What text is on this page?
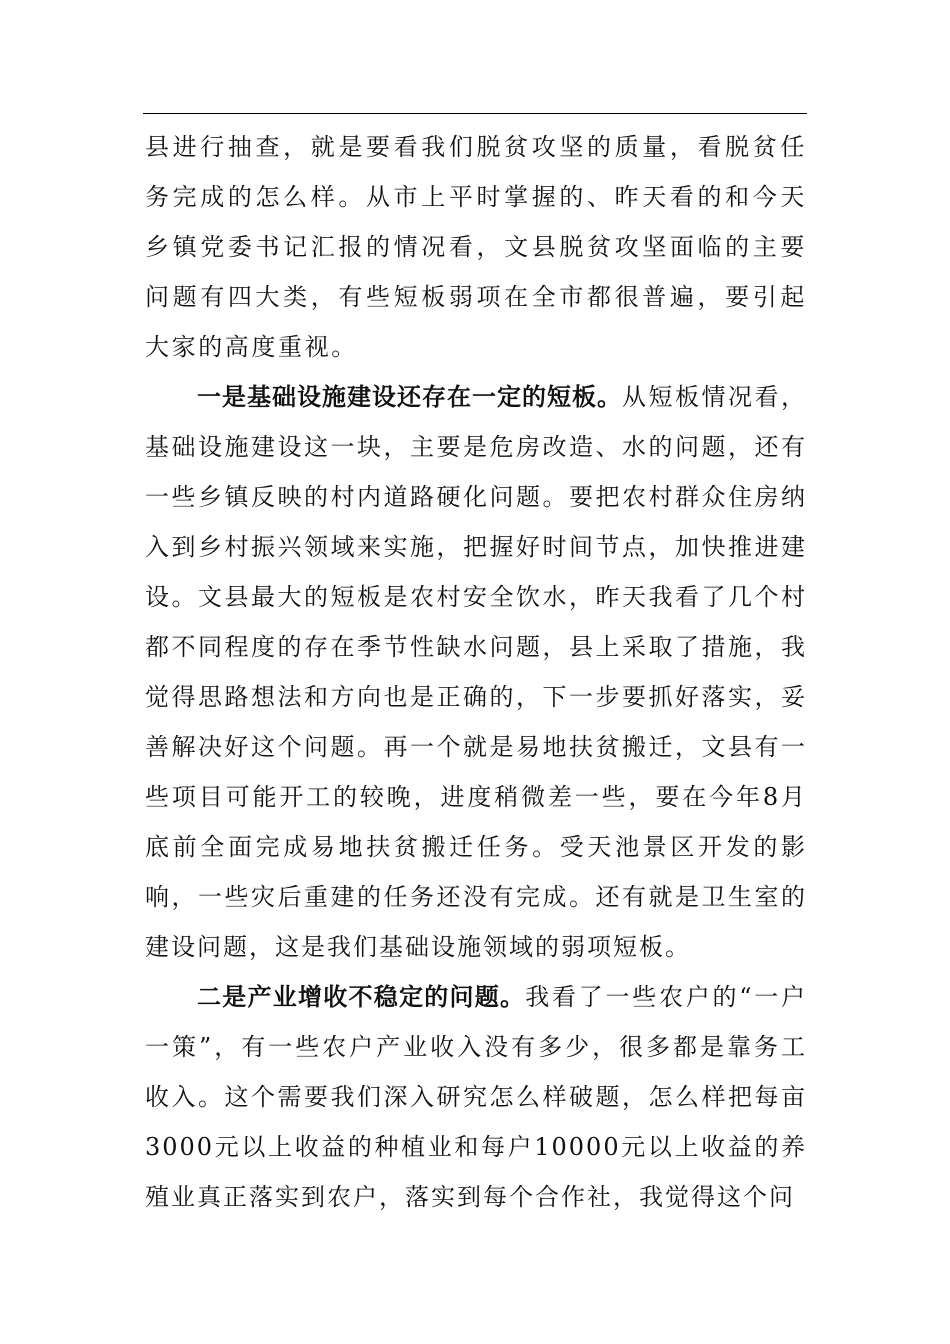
县进行抽查，就是要看我们脱贫攻坚的质量，看脱贫任务完成的怎么样。从市上平时掌握的、昨天看的和今天乡镇党委书记汇报的情况看，文县脱贫攻坚面临的主要问题有四大类，有些短板弱项在全市都很普遍，要引起大家的高度重视。

一是基础设施建设还存在一定的短板。从短板情况看，基础设施建设这一块，主要是危房改造、水的问题，还有一些乡镇反映的村内道路硬化问题。要把农村群众住房纳入到乡村振兴领域来实施，把握好时间节点，加快推进建设。文县最大的短板是农村安全饮水，昨天我看了几个村都不同程度的存在季节性缺水问题，县上采取了措施，我觉得思路想法和方向也是正确的，下一步要抓好落实，妥善解决好这个问题。再一个就是易地扶贫搬迁，文县有一些项目可能开工的较晚，进度稍微差一些，要在今年8月底前全面完成易地扶贫搬迁任务。受天池景区开发的影响，一些灾后重建的任务还没有完成。还有就是卫生室的建设问题，这是我们基础设施领域的弱项短板。

二是产业增收不稳定的问题。我看了一些农户的“一户一策”，有一些农户产业收入没有多少，很多都是靠务工收入。这个需要我们深入研究怎么样破题，怎么样把每亩3000元以上收益的种植业和每户10000元以上收益的养殖业真正落实到农户，落实到每个合作社，我觉得这个问
